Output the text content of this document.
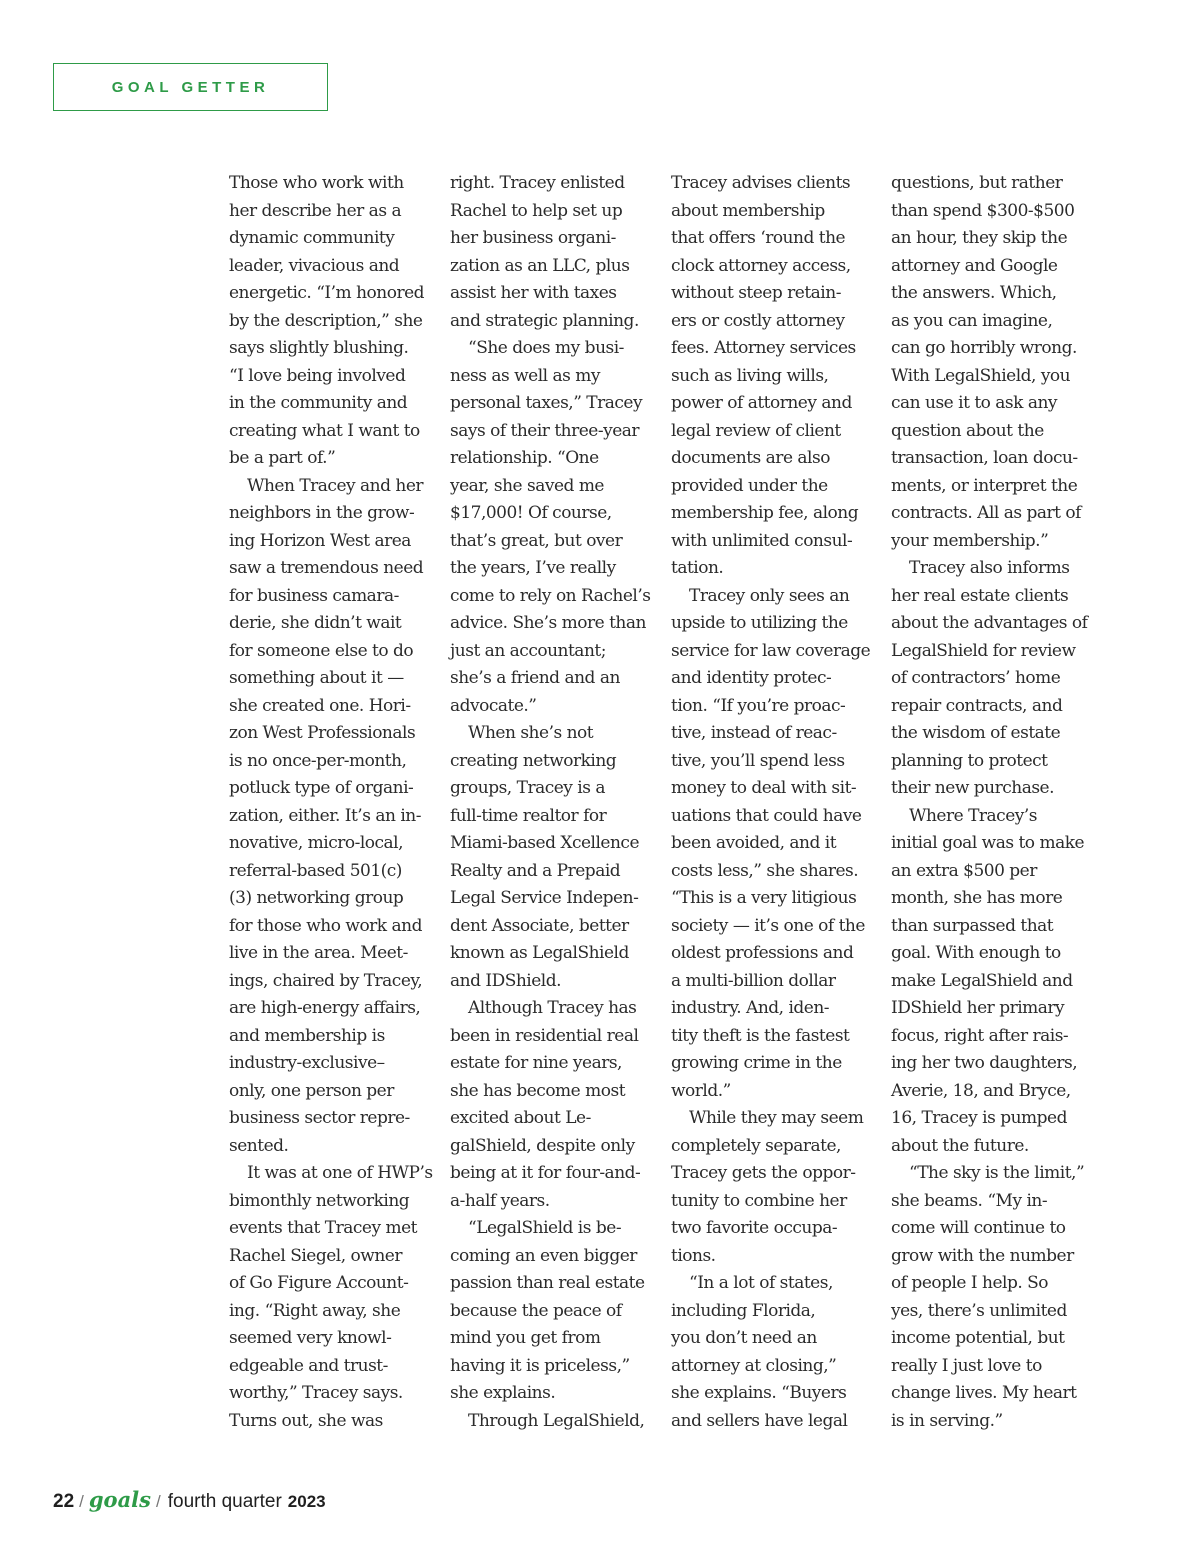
GOAL GETTER
Those who work with
her describe her as a
dynamic community
leader, vivacious and
energetic. “I’m honored
by the description,” she
says slightly blushing.
“I love being involved
in the community and
creating what I want to
be a part of.”
When Tracey and her
neighbors in the grow-
ing Horizon West area
saw a tremendous need
for business camara-
derie, she didn’t wait
for someone else to do
something about it —
she created one. Hori-
zon West Professionals
is no once-per-month,
potluck type of organi-
zation, either. It’s an in-
novative, micro-local,
referral-based 501(c)
(3) networking group
for those who work and
live in the area. Meet-
ings, chaired by Tracey,
are high-energy affairs,
and membership is
industry-exclusive–
only, one person per
business sector repre-
sented.
It was at one of HWP’s
bimonthly networking
events that Tracey met
Rachel Siegel, owner
of Go Figure Account-
ing. “Right away, she
seemed very knowl-
edgeable and trust-
worthy,” Tracey says.
Turns out, she was
right. Tracey enlisted
Rachel to help set up
her business organi-
zation as an LLC, plus
assist her with taxes
and strategic planning.
“She does my busi-
ness as well as my
personal taxes,” Tracey
says of their three-year
relationship. “One
year, she saved me
$17,000! Of course,
that’s great, but over
the years, I’ve really
come to rely on Rachel’s
advice. She’s more than
just an accountant;
she’s a friend and an
advocate.”
When she’s not
creating networking
groups, Tracey is a
full-time realtor for
Miami-based Xcellence
Realty and a Prepaid
Legal Service Indepen-
dent Associate, better
known as LegalShield
and IDShield.
Although Tracey has
been in residential real
estate for nine years,
she has become most
excited about Le-
galShield, despite only
being at it for four-and-
a-half years.
“LegalShield is be-
coming an even bigger
passion than real estate
because the peace of
mind you get from
having it is priceless,”
she explains.
Through LegalShield,
Tracey advises clients
about membership
that offers ‘round the
clock attorney access,
without steep retain-
ers or costly attorney
fees. Attorney services
such as living wills,
power of attorney and
legal review of client
documents are also
provided under the
membership fee, along
with unlimited consul-
tation.
Tracey only sees an
upside to utilizing the
service for law coverage
and identity protec-
tion. “If you’re proac-
tive, instead of reac-
tive, you’ll spend less
money to deal with sit-
uations that could have
been avoided, and it
costs less,” she shares.
“This is a very litigious
society — it’s one of the
oldest professions and
a multi-billion dollar
industry. And, iden-
tity theft is the fastest
growing crime in the
world.”
While they may seem
completely separate,
Tracey gets the oppor-
tunity to combine her
two favorite occupa-
tions.
“In a lot of states,
including Florida,
you don’t need an
attorney at closing,”
she explains. “Buyers
and sellers have legal
questions, but rather
than spend $300-$500
an hour, they skip the
attorney and Google
the answers. Which,
as you can imagine,
can go horribly wrong.
With LegalShield, you
can use it to ask any
question about the
transaction, loan docu-
ments, or interpret the
contracts. All as part of
your membership.”
Tracey also informs
her real estate clients
about the advantages of
LegalShield for review
of contractors’ home
repair contracts, and
the wisdom of estate
planning to protect
their new purchase.
Where Tracey’s
initial goal was to make
an extra $500 per
month, she has more
than surpassed that
goal. With enough to
make LegalShield and
IDShield her primary
focus, right after rais-
ing her two daughters,
Averie, 18, and Bryce,
16, Tracey is pumped
about the future.
“The sky is the limit,”
she beams. “My in-
come will continue to
grow with the number
of people I help. So
yes, there’s unlimited
income potential, but
really I just love to
change lives. My heart
is in serving.”
22 / goals / fourth quarter 2023
